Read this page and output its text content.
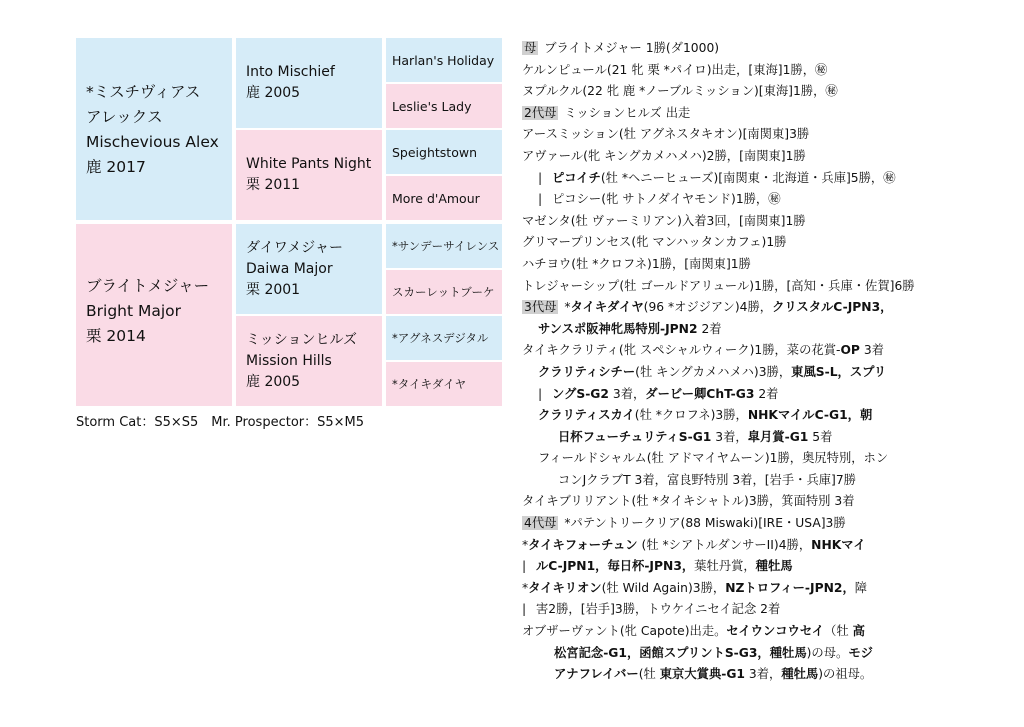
*ミスチヴィアス
アレックス
Mischevious Alex
鹿 2017
ブライトメジャー
Bright Major
栗 2014
Into Mischief
鹿 2005
White Pants Night
栗 2011
ダイワメジャー
Daiwa Major
栗 2001
ミッションヒルズ
Mission Hills
鹿 2005
Harlan's Holiday
Leslie's Lady
Speightstown
More d'Amour
*サンデーサイレンス
スカーレットブーケ
*アグネスデジタル
*タイキダイヤ
Storm Cat：S5×S5　Mr. Prospector：S5×M5
母 ブライトメジャー 1勝(ダ1000)
ケルンピュール(21 牝 栗 *パイロ)出走，[東海]1勝，㊙
ヌプルクル(22 牝 鹿 *ノーブルミッション)[東海]1勝，㊙
2代母 ミッションヒルズ 出走
アースミッション(牡 アグネスタキオン)[南関東]3勝
アヴァール(牝 キングカメハメハ)2勝，[南関東]1勝
| ピコイチ(牡 *ヘニーヒューズ)[南関東・北海道・兵庫]5勝，㊙
| ピコシー(牝 サトノダイヤモンド)1勝，㊙
マゼンタ(牡 ヴァーミリアン)入着3回，[南関東]1勝
グリマープリンセス(牝 マンハッタンカフェ)1勝
ハチヨウ(牡 *クロフネ)1勝，[南関東]1勝
トレジャーシップ(牡 ゴールドアリュール)1勝，[高知・兵庫・佐賀]6勝
3代母 *タイキダイヤ(96 *オジジアン)4勝，クリスタルC-JPN3，
サンスポ阪神牝馬特別-JPN2 2着
タイキクラリティ(牝 スペシャルウィーク)1勝，菜の花賞-OP 3着
クラリティシチー(牡 キングカメハメハ)3勝，東風S-L，スプリ
| ングS-G2 3着，ダービー卿ChT-G3 2着
クラリティスカイ(牡 *クロフネ)3勝，NHKマイルC-G1，朝
日杯フューチュリティS-G1 3着，皐月賞-G1 5着
フィールドシャルム(牡 アドマイヤムーン)1勝，奥尻特別，ホン
コンJクラブT 3着，富良野特別 3着，[岩手・兵庫]7勝
タイキブリリアント(牡 *タイキシャトル)3勝，箕面特別 3着
4代母 *パテントリークリア(88 Miswaki)[IRE・USA]3勝
*タイキフォーチュン (牡 *シアトルダンサーII)4勝，NHKマイ
| ルC-JPN1，毎日杯-JPN3，葉牡丹賞，種牡馬
*タイキリオン(牡 Wild Again)3勝，NZトロフィー-JPN2，障
| 害2勝，[岩手]3勝，トウケイニセイ記念 2着
オブザーヴァント(牝 Capote)出走。セイウンコウセイ（牡 高
松宮記念-G1，函館スプリントS-G3，種牡馬)の母。モジ
アナフレイバー(牡 東京大賞典-G1 3着，種牡馬)の祖母。
